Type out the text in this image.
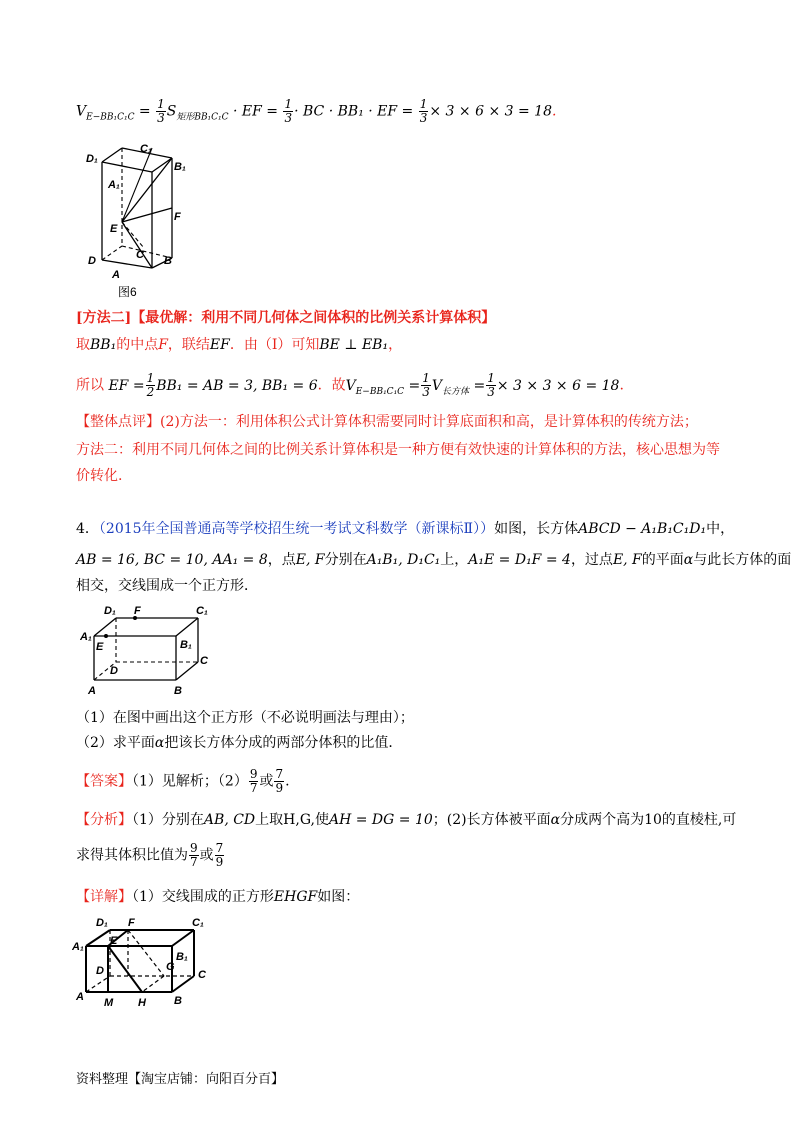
$V_{E-BB_1C_1C} = \frac{1}{3} S_{矩形BB_1C_1C}$ · EF = $\frac{1}{3}$ · BC · BB₁ · EF = $\frac{1}{3} \times 3 \times 6 \times 3 = 18$.
D₁
C₁
B₁
A₁
F
E
D	C
A
B
图6
[方法二]【最优解：利用不同几何体之间体积的比例关系计算体积】
取BB₁的中点F，联结EF．由（Ⅰ）可知BE ⊥ EB₁，
所以 EF = $\frac{1}{2} BB_1$ = AB = 3, BB₁ = 6．故$V_{E-BB_1C_1C} = \frac{1}{3} V_{长方体} = \frac{1}{3} \times 3 \times 3 \times 6 = 18$.
【整体点评】(2)方法一：利用体积公式计算体积需要同时计算底面积和高，是计算体积的传统方法；
方法二：利用不同几何体之间的比例关系计算体积是一种方便有效快速的计算体积的方法，核心思想为等
价转化.
4．（2015年全国普通高等学校招生统一考试文科数学（新课标Ⅱ））如图，长方体ABCD − A₁B₁C₁D₁中，
AB = 16, BC = 10, AA₁ = 8，点E, F分别在A₁B₁, D₁C₁上，A₁E = D₁F = 4，过点E, F的平面α与此长方体的面
相交，交线围成一个正方形．
D₁ F	C₁
A₁
E	B₁
D
C
A	B
（1）在图中画出这个正方形（不必说明画法与理由）；
（2）求平面α把该长方体分成的两部分体积的比值．
【答案】（1）见解析；$(2) \frac{9}{7}$ 或 $\frac{7}{9}$ .
【分析】（1）分别在AB, CD上取H,G,使AH = DG = 10；(2)长方体被平面α分成两个高为10的直棱柱,可
求得其体积比值为 $\frac{9}{7}$ 或 $\frac{7}{9}$
【详解】（1）交线围成的正方形EHGF如图：
D₁ F	C₁
A₁ E
B₁
D	G
C
A M H	B
资料整理【淘宝店铺：向阳百分百】
